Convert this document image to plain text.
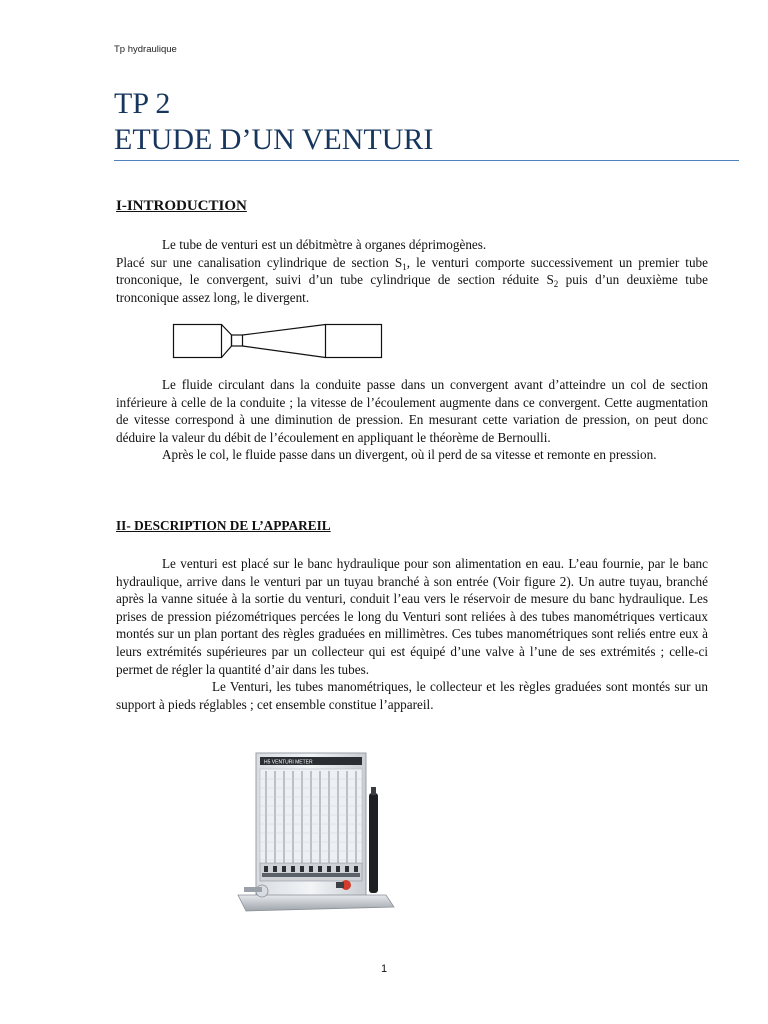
Tp hydraulique
TP 2
ETUDE D’UN VENTURI
I-INTRODUCTION

Le tube de venturi est un débitmètre à organes déprimogènes.

Placé sur une canalisation cylindrique de section $S_1$, le venturi comporte successivement un premier tube tronconique, le convergent, suivi d’un tube cylindrique de section réduite $S_2$ puis d’un deuxième tube tronconique assez long, le divergent.

Le fluide circulant dans la conduite passe dans un convergent avant d’atteindre un col de section inférieure à celle de la conduite ; la vitesse de l’écoulement augmente dans ce convergent. Cette augmentation de vitesse correspond à une diminution de pression. En mesurant cette variation de pression, on peut donc déduire la valeur du débit de l’écoulement en appliquant le théorème de Bernoulli.

Après le col, le fluide passe dans un divergent, où il perd de sa vitesse et remonte en pression.

II- DESCRIPTION DE L’APPAREIL

Le venturi est placé sur le banc hydraulique pour son alimentation en eau. L’eau fournie, par le banc hydraulique, arrive dans le venturi par un tuyau branché à son entrée (Voir figure 2). Un autre tuyau, branché après la vanne située à la sortie du venturi, conduit l’eau vers le réservoir de mesure du banc hydraulique. Les prises de pression piézométriques percées le long du Venturi sont reliées à des tubes manométriques verticaux montés sur un plan portant des règles graduées en millimètres. Ces tubes manométriques sont reliés entre eux à leurs extrémités supérieures par un collecteur qui est équipé d’une valve à l’une de ses extrémités ; celle-ci permet de régler la quantité d’air dans les tubes.

Le Venturi, les tubes manométriques, le collecteur et les règles graduées sont montés sur un support à pieds réglables ; cet ensemble constitue l’appareil.

H5 VENTURI METER
1
